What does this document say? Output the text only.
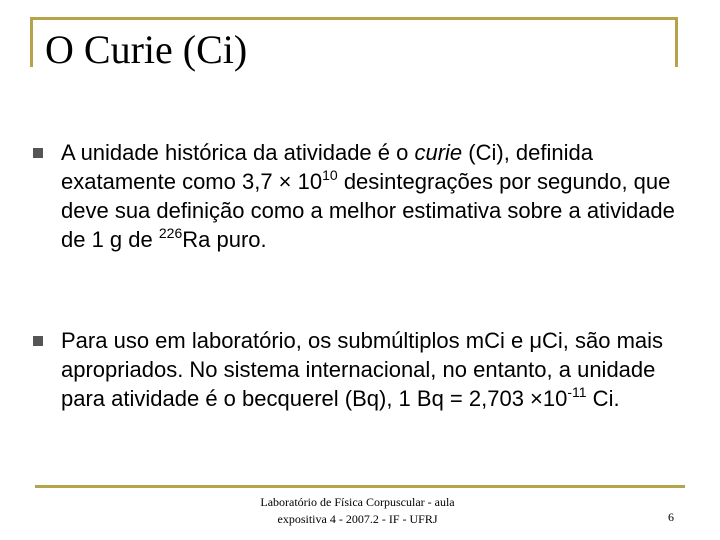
O Curie (Ci)

A unidade histórica da atividade é o curie (Ci), definida exatamente como $3,7 \times 10^{10}$ desintegrações por segundo, que deve sua definição como a melhor estimativa sobre a atividade de 1 g de $^{226}$Ra puro.

Para uso em laboratório, os submúltiplos mCi e μCi, são mais apropriados. No sistema internacional, no entanto, a unidade para atividade é o becquerel (Bq), 1 $Bq = 2,703 \times 10^{-11}$ Ci.

Laboratório de Física Corpuscular - aula
expositiva 4 - 2007.2 - IF - UFRJ	6
